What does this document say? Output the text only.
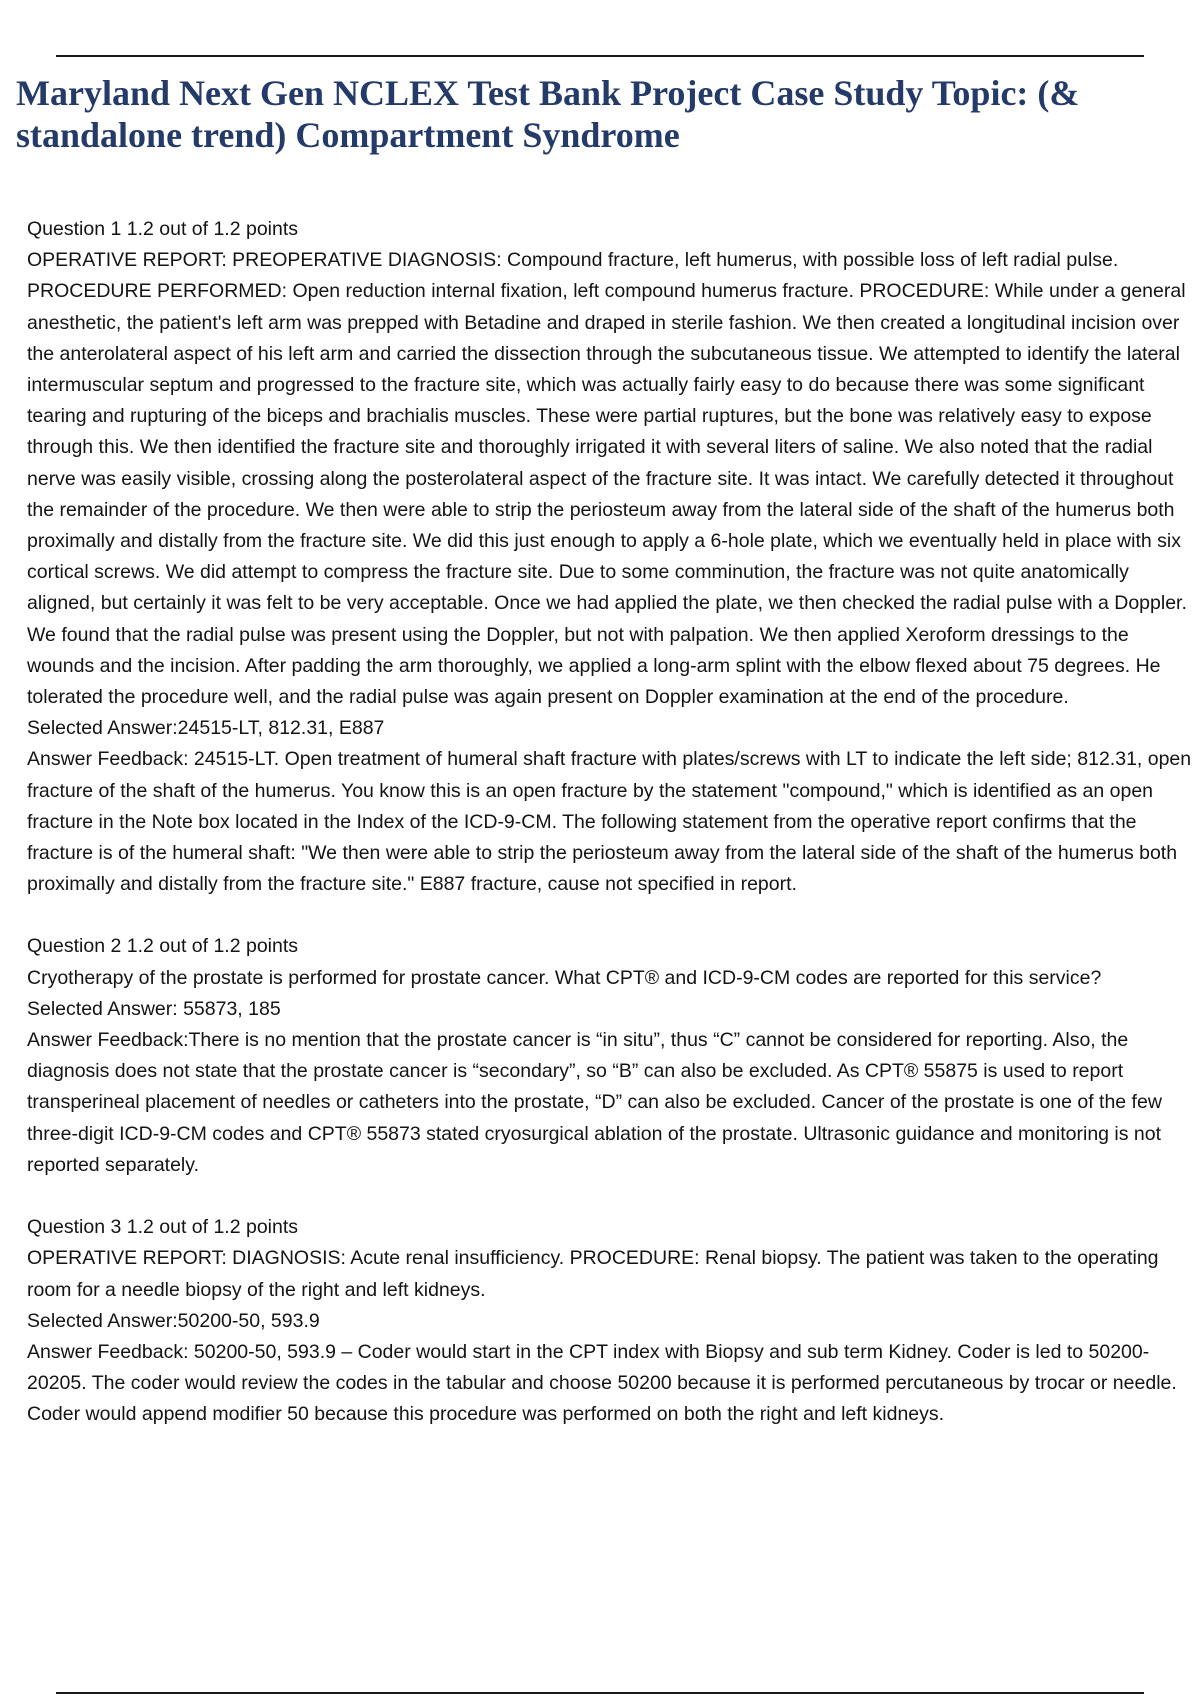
Maryland Next Gen NCLEX Test Bank Project Case Study Topic: (& standalone trend) Compartment Syndrome

Question 1 1.2 out of 1.2 points

OPERATIVE REPORT: PREOPERATIVE DIAGNOSIS: Compound fracture, left humerus, with possible loss of left radial pulse. PROCEDURE PERFORMED: Open reduction internal fixation, left compound humerus fracture. PROCEDURE: While under a general anesthetic, the patient's left arm was prepped with Betadine and draped in sterile fashion. We then created a longitudinal incision over the anterolateral aspect of his left arm and carried the dissection through the subcutaneous tissue. We attempted to identify the lateral intermuscular septum and progressed to the fracture site, which was actually fairly easy to do because there was some significant tearing and rupturing of the biceps and brachialis muscles. These were partial ruptures, but the bone was relatively easy to expose through this. We then identified the fracture site and thoroughly irrigated it with several liters of saline. We also noted that the radial nerve was easily visible, crossing along the posterolateral aspect of the fracture site. It was intact. We carefully detected it throughout the remainder of the procedure. We then were able to strip the periosteum away from the lateral side of the shaft of the humerus both proximally and distally from the fracture site. We did this just enough to apply a 6-hole plate, which we eventually held in place with six cortical screws. We did attempt to compress the fracture site. Due to some comminution, the fracture was not quite anatomically aligned, but certainly it was felt to be very acceptable. Once we had applied the plate, we then checked the radial pulse with a Doppler. We found that the radial pulse was present using the Doppler, but not with palpation. We then applied Xeroform dressings to the wounds and the incision. After padding the arm thoroughly, we applied a long-arm splint with the elbow flexed about 75 degrees. He tolerated the procedure well, and the radial pulse was again present on Doppler examination at the end of the procedure.

Selected Answer:24515-LT, 812.31, E887

Answer Feedback: 24515-LT. Open treatment of humeral shaft fracture with plates/screws with LT to indicate the left side; 812.31, open fracture of the shaft of the humerus. You know this is an open fracture by the statement "compound," which is identified as an open fracture in the Note box located in the Index of the ICD-9-CM. The following statement from the operative report confirms that the fracture is of the humeral shaft: "We then were able to strip the periosteum away from the lateral side of the shaft of the humerus both proximally and distally from the fracture site." E887 fracture, cause not specified in report.

Question 2 1.2 out of 1.2 points

Cryotherapy of the prostate is performed for prostate cancer. What CPT® and ICD-9-CM codes are reported for this service?

Selected Answer: 55873, 185

Answer Feedback:There is no mention that the prostate cancer is “in situ”, thus “C” cannot be considered for reporting. Also, the diagnosis does not state that the prostate cancer is “secondary”, so “B” can also be excluded. As CPT® 55875 is used to report transperineal placement of needles or catheters into the prostate, “D” can also be excluded. Cancer of the prostate is one of the few three-digit ICD-9-CM codes and CPT® 55873 stated cryosurgical ablation of the prostate. Ultrasonic guidance and monitoring is not reported separately.

Question 3 1.2 out of 1.2 points

OPERATIVE REPORT: DIAGNOSIS: Acute renal insufficiency. PROCEDURE: Renal biopsy. The patient was taken to the operating room for a needle biopsy of the right and left kidneys.

Selected Answer:50200-50, 593.9

Answer Feedback: 50200-50, 593.9 – Coder would start in the CPT index with Biopsy and sub term Kidney. Coder is led to 50200-20205. The coder would review the codes in the tabular and choose 50200 because it is performed percutaneous by trocar or needle. Coder would append modifier 50 because this procedure was performed on both the right and left kidneys.
